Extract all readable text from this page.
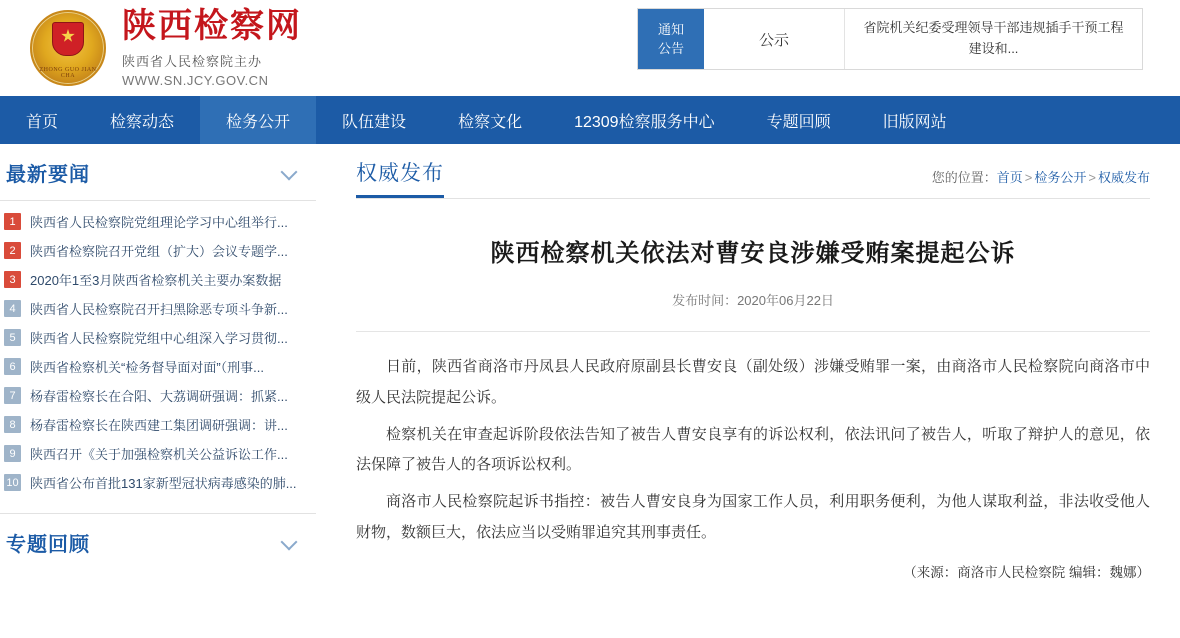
ZHONG GUO JIAN CHA
陕西检察网
陕西省人民检察院主办
WWW.SN.JCY.GOV.CN
通知
公告	公示
省院机关纪委受理领导干部违规插手干预工程建设和...
首页	检察动态	检务公开	队伍建设	检察文化	12309检察服务中心	专题回顾	旧版网站
最新要闻
1	陕西省人民检察院党组理论学习中心组举行...
2	陕西省检察院召开党组（扩大）会议专题学...
3	2020年1至3月陕西省检察机关主要办案数据
4	陕西省人民检察院召开扫黑除恶专项斗争新...
5	陕西省人民检察院党组中心组深入学习贯彻...
6	陕西省检察机关“检务督导面对面”（刑事...
7	杨春雷检察长在合阳、大荔调研强调：抓紧...
8	杨春雷检察长在陕西建工集团调研强调：讲...
9	陕西召开《关于加强检察机关公益诉讼工作...
10 陕西省公布首批131家新型冠状病毒感染的肺...
专题回顾
权威发布	您的位置：首页 > 检务公开 > 权威发布
陕西检察机关依法对曹安良涉嫌受贿案提起公诉
发布时间：2020年06月22日

日前，陕西省商洛市丹凤县人民政府原副县长曹安良（副处级）涉嫌受贿罪一案，由商洛市人民检察院向商洛市中级人民法院提起公诉。

检察机关在审查起诉阶段依法告知了被告人曹安良享有的诉讼权利，依法讯问了被告人，听取了辩护人的意见，依法保障了被告人的各项诉讼权利。

商洛市人民检察院起诉书指控：被告人曹安良身为国家工作人员，利用职务便利，为他人谋取利益，非法收受他人财物，数额巨大，依法应当以受贿罪追究其刑事责任。

（来源：商洛市人民检察院 编辑：魏娜）
